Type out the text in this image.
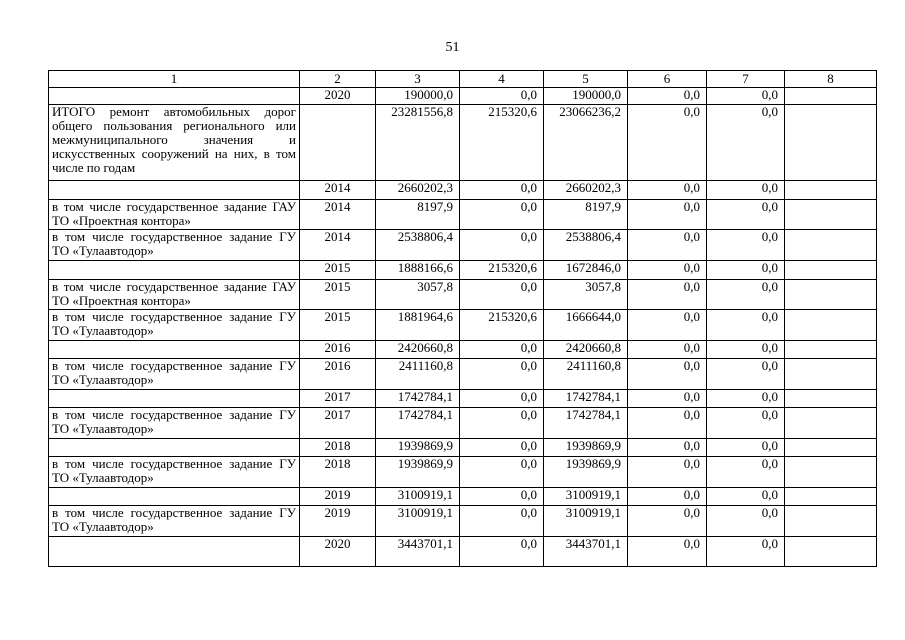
51
1	2	3	4	5	6	7	8
	2020	190000,0	0,0	190000,0	0,0	0,0	
ИТОГО ремонт автомобильных дорог общего пользования регионального или межмуниципального значения и искусственных сооружений на них, в том числе по годам		23281556,8	215320,6	23066236,2	0,0	0,0	
	2014	2660202,3	0,0	2660202,3	0,0	0,0	
в том числе государственное задание ГАУ ТО «Проектная контора»	2014	8197,9	0,0	8197,9	0,0	0,0	
в том числе государственное задание ГУ ТО «Тулаавтодор»	2014	2538806,4	0,0	2538806,4	0,0	0,0	
	2015	1888166,6	215320,6	1672846,0	0,0	0,0	
в том числе государственное задание ГАУ ТО «Проектная контора»	2015	3057,8	0,0	3057,8	0,0	0,0	
в том числе государственное задание ГУ ТО «Тулаавтодор»	2015	1881964,6	215320,6	1666644,0	0,0	0,0	
	2016	2420660,8	0,0	2420660,8	0,0	0,0	
в том числе государственное задание ГУ ТО «Тулаавтодор»	2016	2411160,8	0,0	2411160,8	0,0	0,0	
	2017	1742784,1	0,0	1742784,1	0,0	0,0	
в том числе государственное задание ГУ ТО «Тулаавтодор»	2017	1742784,1	0,0	1742784,1	0,0	0,0	
	2018	1939869,9	0,0	1939869,9	0,0	0,0	
в том числе государственное задание ГУ ТО «Тулаавтодор»	2018	1939869,9	0,0	1939869,9	0,0	0,0	
	2019	3100919,1	0,0	3100919,1	0,0	0,0	
в том числе государственное задание ГУ ТО «Тулаавтодор»	2019	3100919,1	0,0	3100919,1	0,0	0,0	
	2020	3443701,1	0,0	3443701,1	0,0	0,0	
